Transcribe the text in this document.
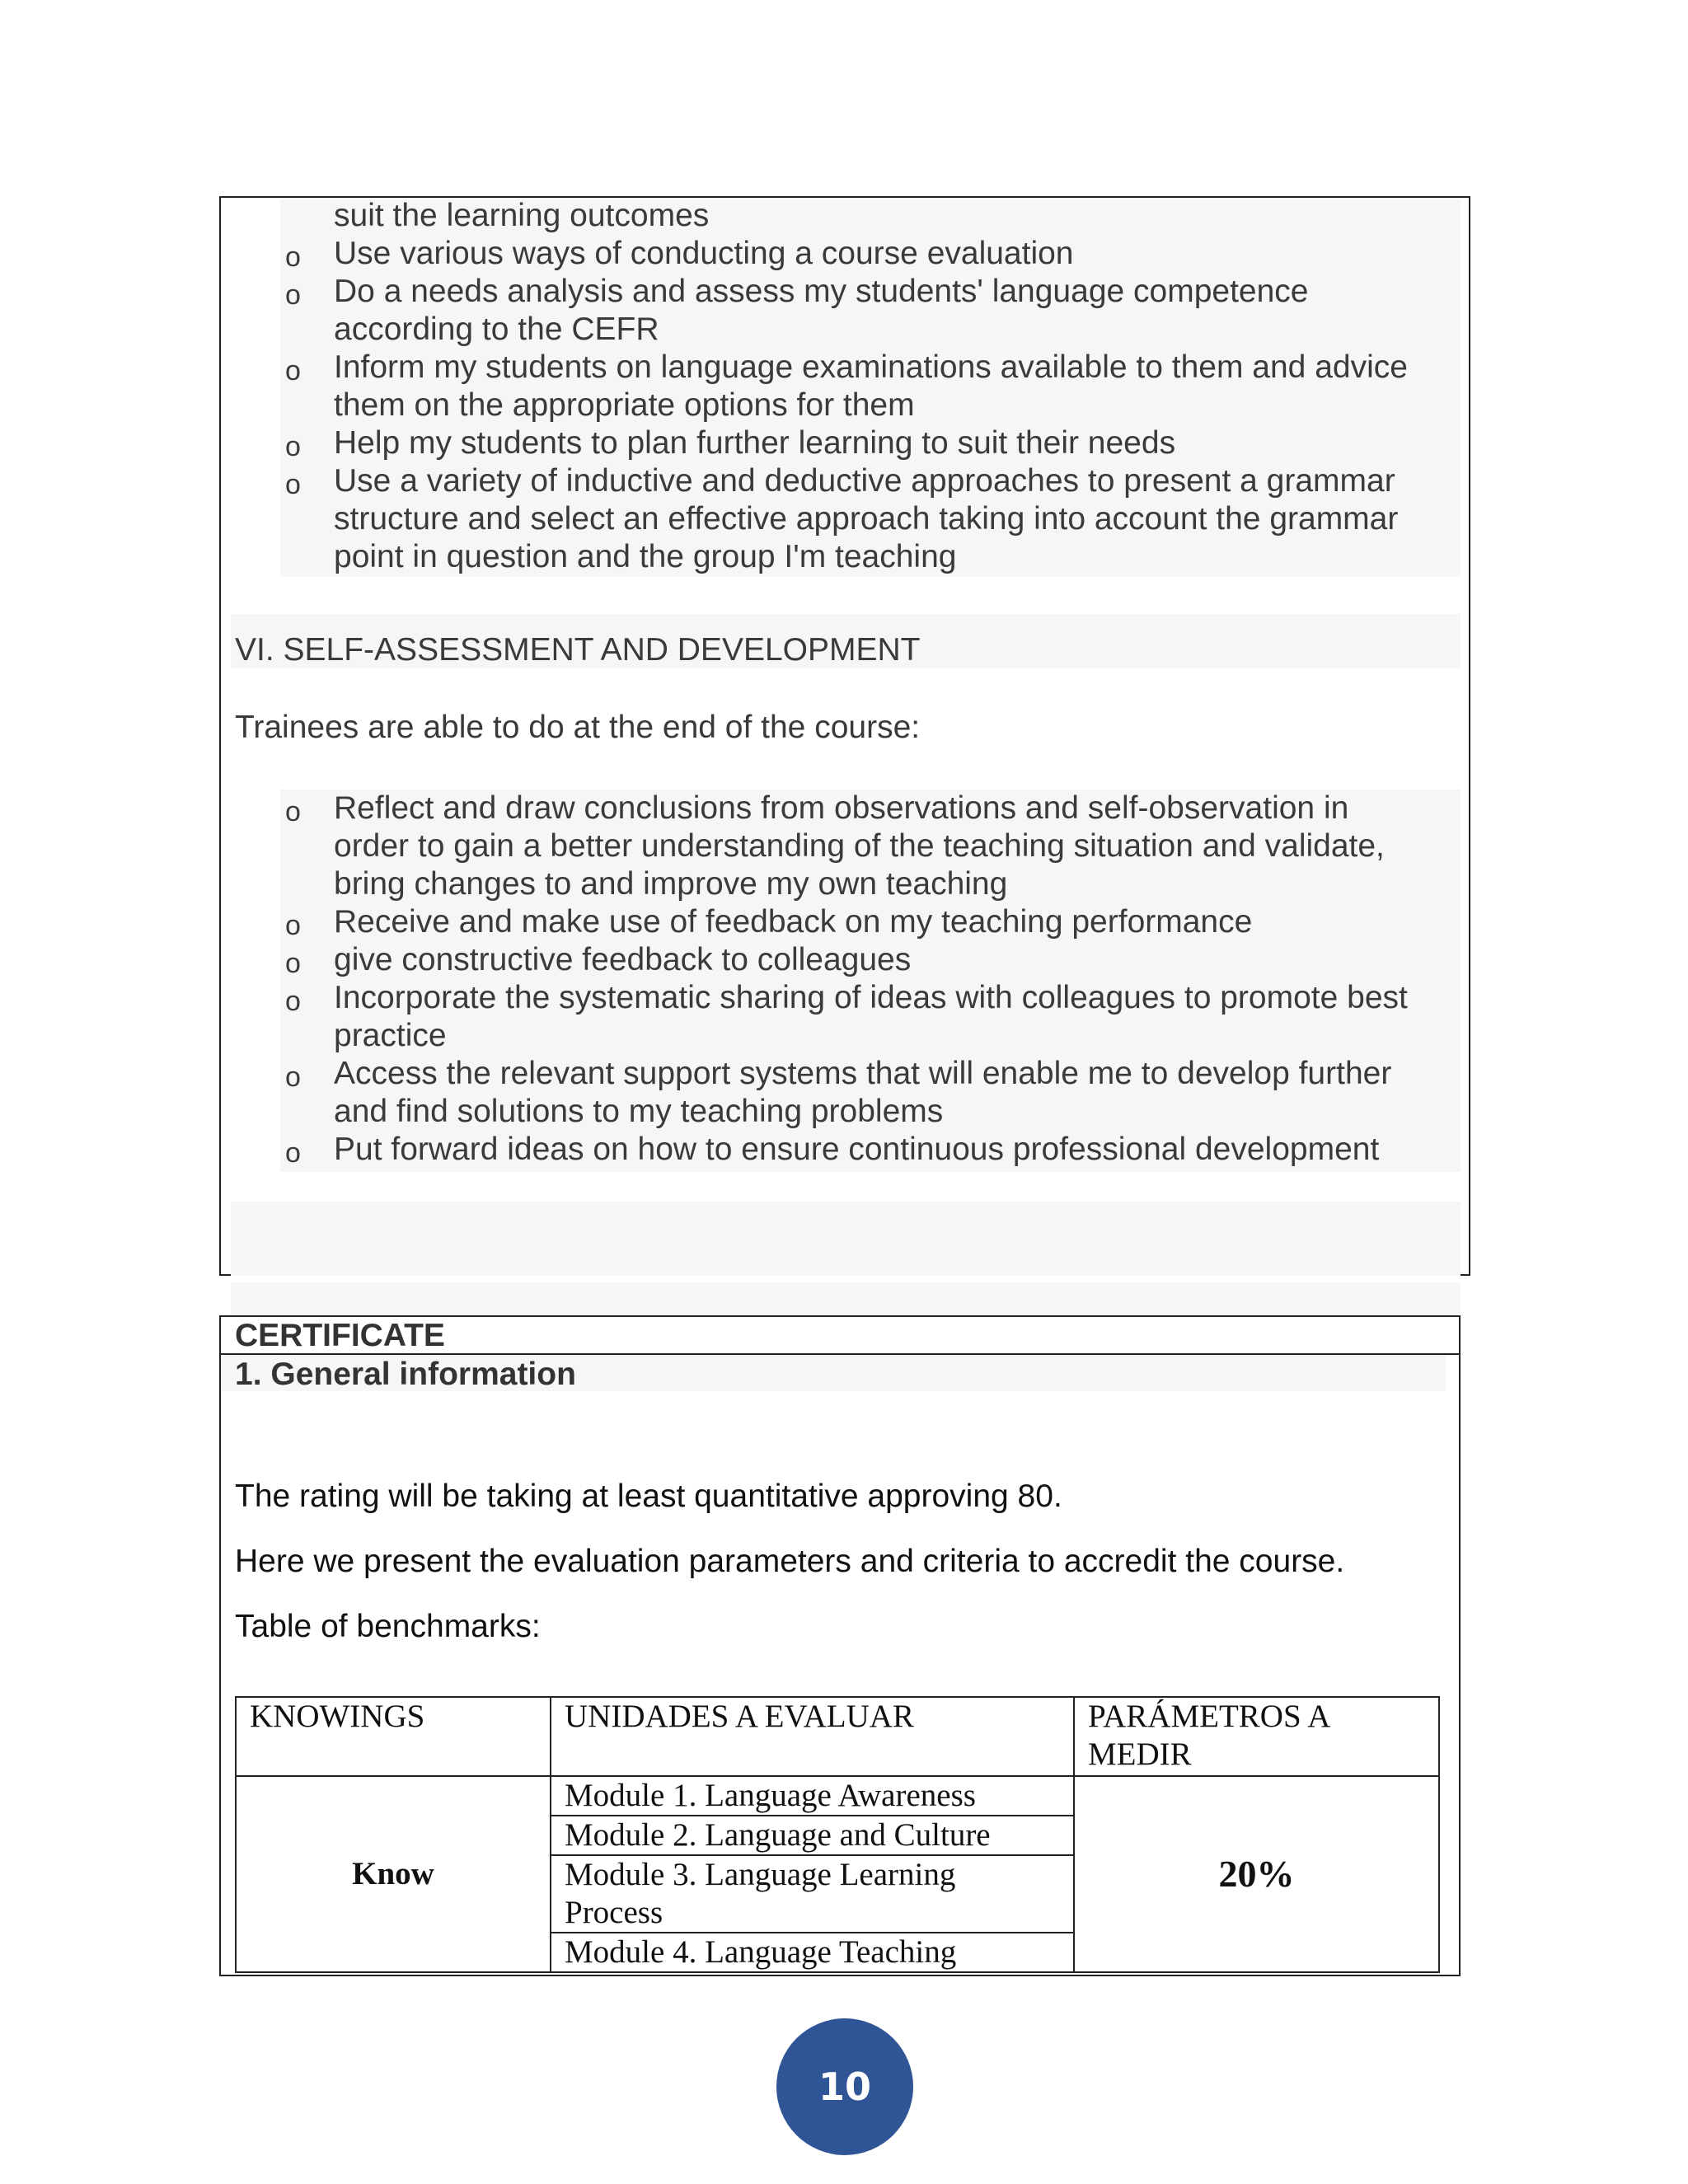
suit the learning outcomes
o Use various ways of conducting a course evaluation
o Do a needs analysis and assess my students' language competence
according to the CEFR
o Inform my students on language examinations available to them and advice
them on the appropriate options for them
o Help my students to plan further learning to suit their needs
o Use a variety of inductive and deductive approaches to present a grammar
structure and select an effective approach taking into account the grammar
point in question and the group I'm teaching
VI. SELF-ASSESSMENT AND DEVELOPMENT
Trainees are able to do at the end of the course:
o Reflect and draw conclusions from observations and self-observation in
order to gain a better understanding of the teaching situation and validate,
bring changes to and improve my own teaching
o Receive and make use of feedback on my teaching performance
o give constructive feedback to colleagues
o Incorporate the systematic sharing of ideas with colleagues to promote best
practice
o Access the relevant support systems that will enable me to develop further
and find solutions to my teaching problems
o Put forward ideas on how to ensure continuous professional development
CERTIFICATE
1. General information
The rating will be taking at least quantitative approving 80.
Here we present the evaluation parameters and criteria to accredit the course.
Table of benchmarks:
KNOWINGS	UNIDADES A EVALUAR	PARÁMETROS A MEDIR
Know	Module 1. Language Awareness	20%
	Module 2. Language and Culture	
	Module 3. Language Learning Process	
	Module 4. Language Teaching	
10
